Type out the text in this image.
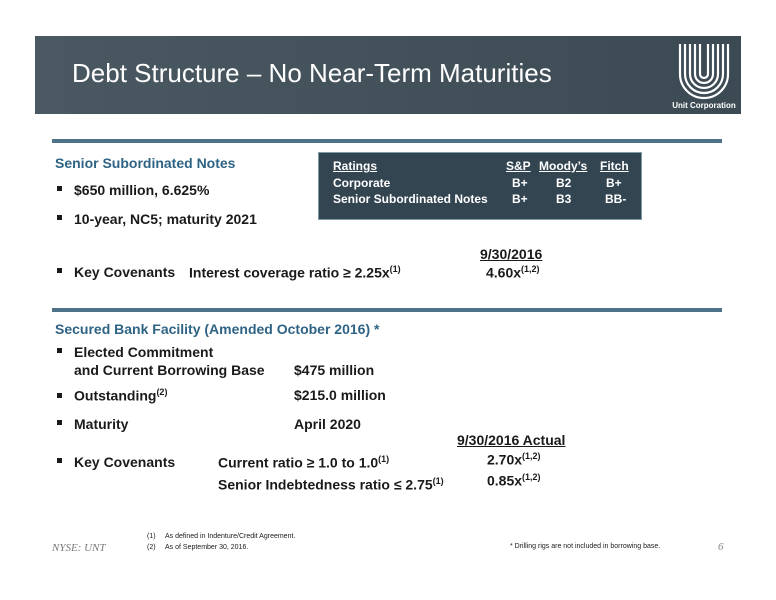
Debt Structure – No Near-Term Maturities
Unit Corporation
Senior Subordinated Notes
$650 million, 6.625%
10-year, NC5; maturity 2021
9/30/2016
Key Covenants Interest coverage ratio ≥ $2.25x^{(1)}$	$4.60x^{(1,2)}$
Ratings	S&P Moody’s Fitch
Corporate	B+ B2	B+
Senior Subordinated Notes B+ B3	BB-
Secured Bank Facility (Amended October 2016) *
Elected Commitment
and Current Borrowing Base $475 million
Outstanding$^{(2)}$	$215.0 million
Maturity	April 2020
9/30/2016 Actual
Key Covenants	Current ratio ≥ 1.0 to 1.0$^{(1)}$	$2.70x^{(1,2)}$
Senior Indebtedness ratio ≤ $2.75^{(1)}$	$0.85x^{(1,2)}$
(1) As defined in Indenture/Credit Agreement.
(2) As of September 30, 2016.
NYSE: UNT	* Drilling rigs are not included in borrowing base.	6
